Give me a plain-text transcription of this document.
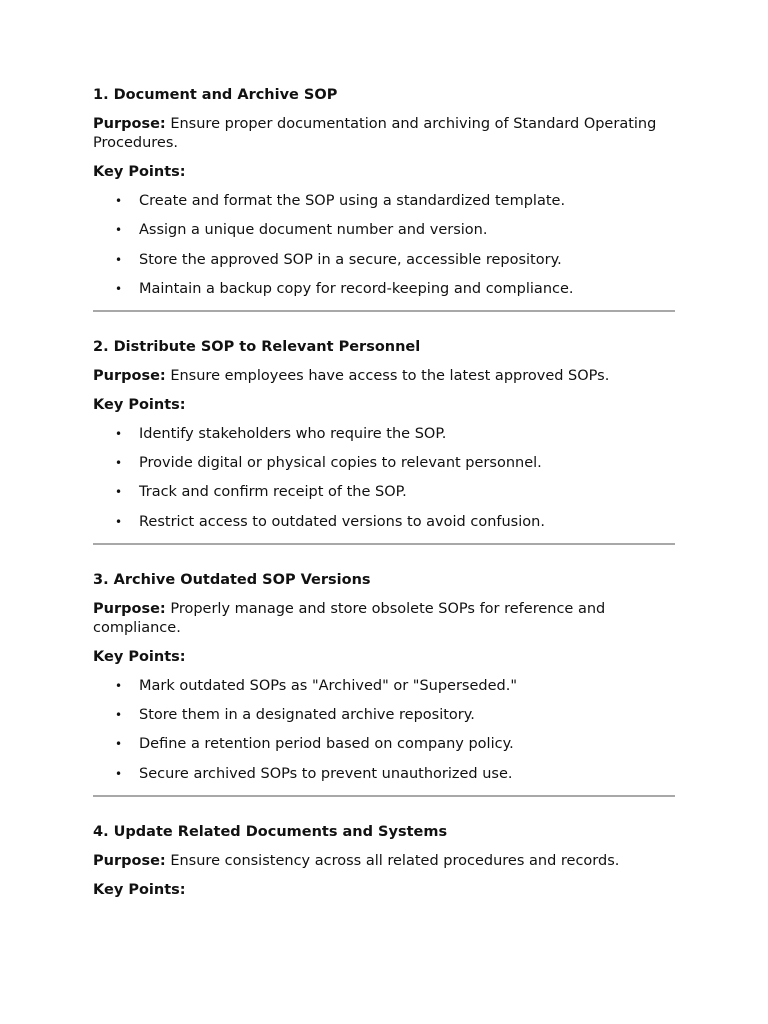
1. Document and Archive SOP

Purpose: Ensure proper documentation and archiving of Standard Operating Procedures.

Key Points:

• Create and format the SOP using a standardized template.
• Assign a unique document number and version.
• Store the approved SOP in a secure, accessible repository.
• Maintain a backup copy for record-keeping and compliance.

2. Distribute SOP to Relevant Personnel

Purpose: Ensure employees have access to the latest approved SOPs.

Key Points:

• Identify stakeholders who require the SOP.
• Provide digital or physical copies to relevant personnel.
• Track and confirm receipt of the SOP.
• Restrict access to outdated versions to avoid confusion.

3. Archive Outdated SOP Versions

Purpose: Properly manage and store obsolete SOPs for reference and compliance.

Key Points:

• Mark outdated SOPs as "Archived" or "Superseded."
• Store them in a designated archive repository.
• Define a retention period based on company policy.
• Secure archived SOPs to prevent unauthorized use.

4. Update Related Documents and Systems

Purpose: Ensure consistency across all related procedures and records.

Key Points:
